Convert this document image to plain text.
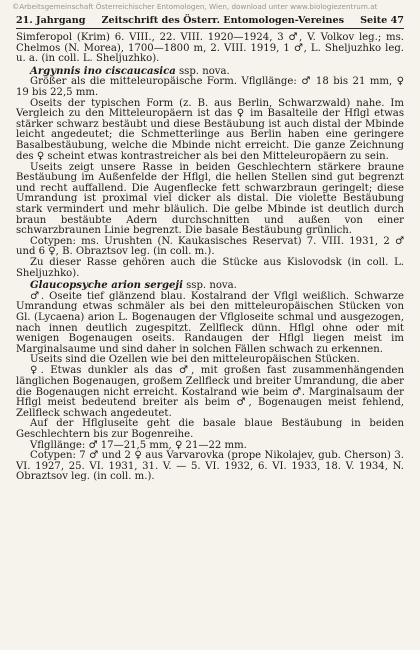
©Arbeitsgemeinschaft Österreichischer Entomologen, Wien, download unter www.biologiezentrum.at
21. Jahrgang Zeitschrift des Österr. Entomologen-Vereines Seite 47

Simferopol (Krim) 6. VIII., 22. VIII. 1920—1924, 3 ♂, V. Volkov leg.; ms. Chelmos (N. Morea), 1700—1800 m, 2. VIII. 1919, 1 ♂, L. Sheljuzhko leg. u. a. (in coll. L. Sheljuzhko).

Argynnis ino ciscaucasica ssp. nova.

Größer als die mitteleuropäische Form. Vflgllänge: ♂ 18 bis 21 mm, ♀ 19 bis 22,5 mm.

Oseits der typischen Form (z. B. aus Berlin, Schwarzwald) nahe. Im Vergleich zu den Mitteleuropäern ist das ♀ im Basalteile der Hflgl etwas stärker schwarz bestäubt und diese Bestäubung ist auch distal der Mbinde leicht angedeutet; die Schmetterlinge aus Berlin haben eine geringere Basalbestäubung, welche die Mbinde nicht erreicht. Die ganze Zeichnung des ♀ scheint etwas kontrastreicher als bei den Mitteleuropäern zu sein.

Useits zeigt unsere Rasse in beiden Geschlechtern stärkere braune Bestäubung im Außenfelde der Hflgl, die hellen Stellen sind gut begrenzt und recht auffallend. Die Augenflecke fett schwarzbraun geringelt; diese Umrandung ist proximal viel dicker als distal. Die violette Bestäubung stark vermindert und mehr bläulich. Die gelbe Mbinde ist deutlich durch braun bestäubte Adern durchschnitten und außen von einer schwarzbraunen Linie begrenzt. Die basale Bestäubung grünlich.

Cotypen: ms. Urushten (N. Kaukasisches Reservat) 7. VIII. 1931, 2 ♂ und 6 ♀, B. Obraztsov leg. (in coll. m.).

Zu dieser Rasse gehören auch die Stücke aus Kislovodsk (in coll. L. Sheljuzhko).

Glaucopsyche arion sergeji ssp. nova.

♂. Oseite tief glänzend blau. Kostalrand der Vflgl weißlich. Schwarze Umrandung etwas schmäler als bei den mitteleuropäischen Stücken von Gl. (Lycaena) arion L. Bogenaugen der Vflgloseite schmal und ausgezogen, nach innen deutlich zugespitzt. Zellfleck dünn. Hflgl ohne oder mit wenigen Bogenaugen oseits. Randaugen der Hflgl liegen meist im Marginalsaume und sind daher in solchen Fällen schwach zu erkennen.

Useits sind die Ozellen wie bei den mitteleuropäischen Stücken.

♀. Etwas dunkler als das ♂, mit großen fast zusammenhängenden länglichen Bogenaugen, großem Zellfleck und breiter Umrandung, die aber die Bogenaugen nicht erreicht. Kostalrand wie beim ♂. Marginalsaum der Hflgl meist bedeutend breiter als beim ♂, Bogenaugen meist fehlend, Zellfleck schwach angedeutet.

Auf der Hflgluseite geht die basale blaue Bestäubung in beiden Geschlechtern bis zur Bogenreihe.

Vflgllänge: ♂ 17—21,5 mm, ♀ 21—22 mm.

Cotypen: 7 ♂ und 2 ♀ aus Varvarovka (prope Nikolajev, gub. Cherson) 3. VI. 1927, 25. VI. 1931, 31. V. — 5. VI. 1932, 6. VI. 1933, 18. V. 1934, N. Obraztsov leg. (in coll. m.).
